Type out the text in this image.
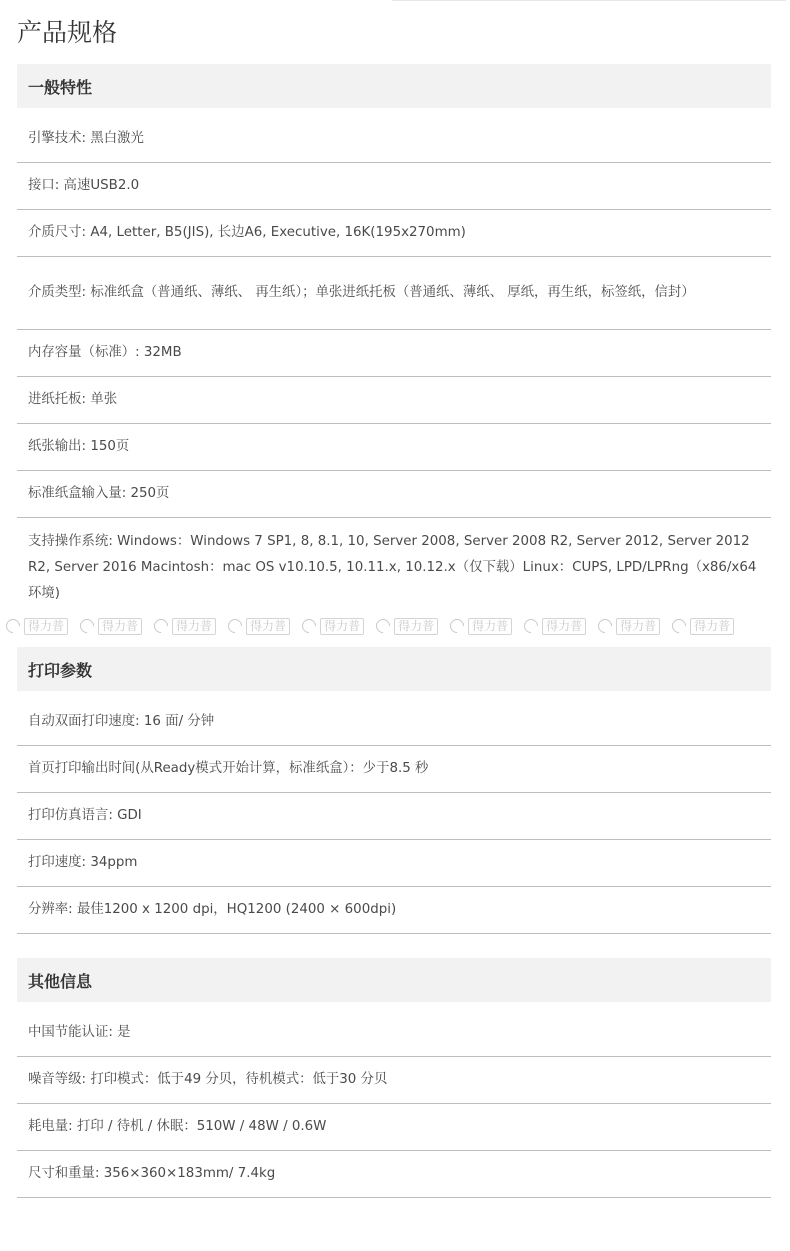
产品规格
一般特性
引擎技术: 黑白激光
接口: 高速USB2.0
介质尺寸: A4, Letter, B5(JIS), 长边A6, Executive, 16K(195x270mm)
介质类型: 标准纸盒（普通纸、薄纸、 再生纸）；单张进纸托板（普通纸、薄纸、 厚纸，再生纸，标签纸，信封）
内存容量（标准）: 32MB
进纸托板: 单张
纸张输出: 150页
标准纸盒输入量: 250页
支持操作系统: Windows：Windows 7 SP1, 8, 8.1, 10, Server 2008, Server 2008 R2, Server 2012, Server 2012 R2, Server 2016 Macintosh：mac OS v10.10.5, 10.11.x, 10.12.x（仅下载）Linux：CUPS, LPD/LPRng（x86/x64 环境)
得力普	得力普	得力普	得力普	得力普	得力普	得力普	得力普	得力普	得力普
打印参数
自动双面打印速度: 16 面/ 分钟
首页打印输出时间(从Ready模式开始计算，标准纸盒）：少于8.5 秒
打印仿真语言: GDI
打印速度: 34ppm
分辨率: 最佳1200 x 1200 dpi，HQ1200 (2400 × 600dpi)
其他信息
中国节能认证: 是
噪音等级: 打印模式：低于49 分贝，待机模式：低于30 分贝
耗电量: 打印 / 待机 / 休眠：510W / 48W / 0.6W
尺寸和重量: 356×360×183mm/ 7.4kg
